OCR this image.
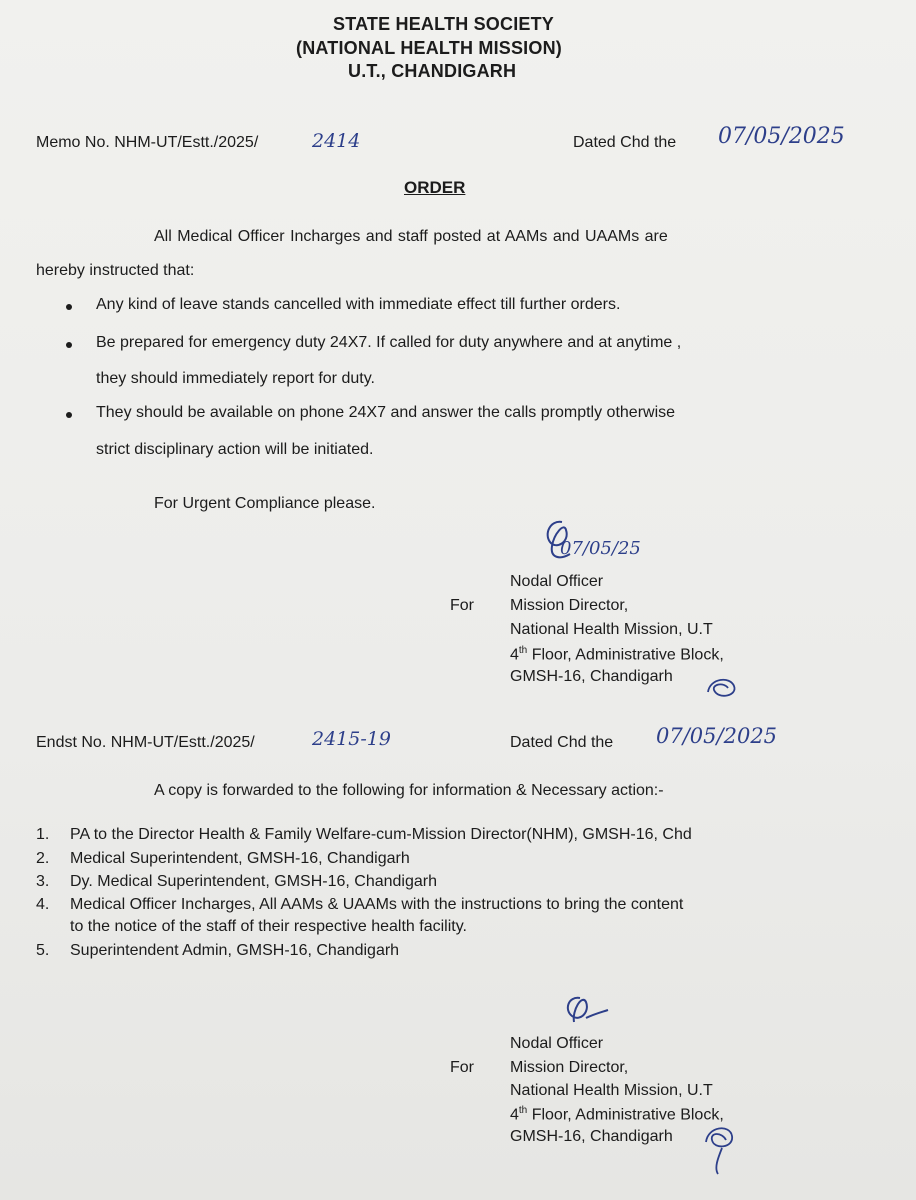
STATE HEALTH SOCIETY
(NATIONAL HEALTH MISSION)
U.T., CHANDIGARH
Memo No. NHM-UT/Estt./2025/	2414	Dated Chd the 07/05/2025
ORDER
All Medical Officer Incharges and staff posted at AAMs and UAAMs are
hereby instructed that:
Any kind of leave stands cancelled with immediate effect till further orders.
Be prepared for emergency duty 24X7. If called for duty anywhere and at anytime ,
they should immediately report for duty.
They should be available on phone 24X7 and answer the calls promptly otherwise
strict disciplinary action will be initiated.
For Urgent Compliance please.
07/05/25
For
Nodal Officer
Mission Director,
National Health Mission, U.T
4th Floor, Administrative Block,
GMSH-16, Chandigarh
Endst No. NHM-UT/Estt./2025/	2415-19	Dated Chd the 07/05/2025
A copy is forwarded to the following for information & Necessary action:-
1. PA to the Director Health & Family Welfare-cum-Mission Director(NHM), GMSH-16, Chd
2. Medical Superintendent, GMSH-16, Chandigarh
3. Dy. Medical Superintendent, GMSH-16, Chandigarh
4. Medical Officer Incharges, All AAMs & UAAMs with the instructions to bring the content
to the notice of the staff of their respective health facility.
5. Superintendent Admin, GMSH-16, Chandigarh
For
Nodal Officer
Mission Director,
National Health Mission, U.T
4th Floor, Administrative Block,
GMSH-16, Chandigarh
